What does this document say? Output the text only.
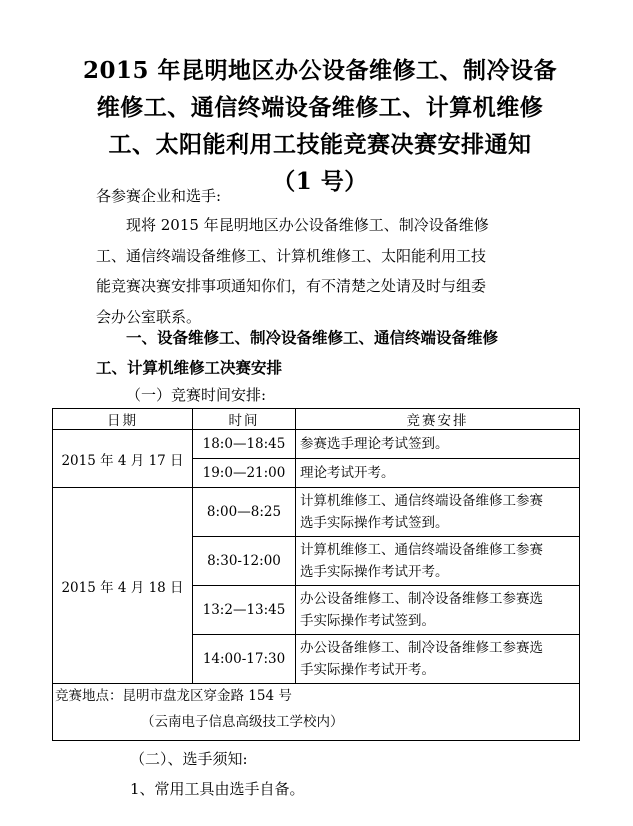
2015 年昆明地区办公设备维修工、制冷设备
维修工、通信终端设备维修工、计算机维修
工、太阳能利用工技能竞赛决赛安排通知
（1 号）
各参赛企业和选手:
现将 2015 年昆明地区办公设备维修工、制冷设备维修
工、通信终端设备维修工、计算机维修工、太阳能利用工技
能竞赛决赛安排事项通知你们，有不清楚之处请及时与组委
会办公室联系。
一、设备维修工、制冷设备维修工、通信终端设备维修
工、计算机维修工决赛安排
（一）竞赛时间安排:
日期	时间	竞赛安排
2015 年 4 月 17 日	18:0—18:45	参赛选手理论考试签到。

	19:0—21:00	理论考试开考。

2015 年 4 月 18 日	8:00—8:25	计算机维修工、通信终端设备维修工参赛
选手实际操作考试签到。

	8:30-12:00	计算机维修工、通信终端设备维修工参赛
选手实际操作考试开考。

	13:2—13:45	办公设备维修工、制冷设备维修工参赛选
手实际操作考试签到。

	14:00-17:30	办公设备维修工、制冷设备维修工参赛选
手实际操作考试开考。
竞赛地点：昆明市盘龙区穿金路 154 号
（云南电子信息高级技工学校内）
（二）、选手须知:
1、常用工具由选手自备。
